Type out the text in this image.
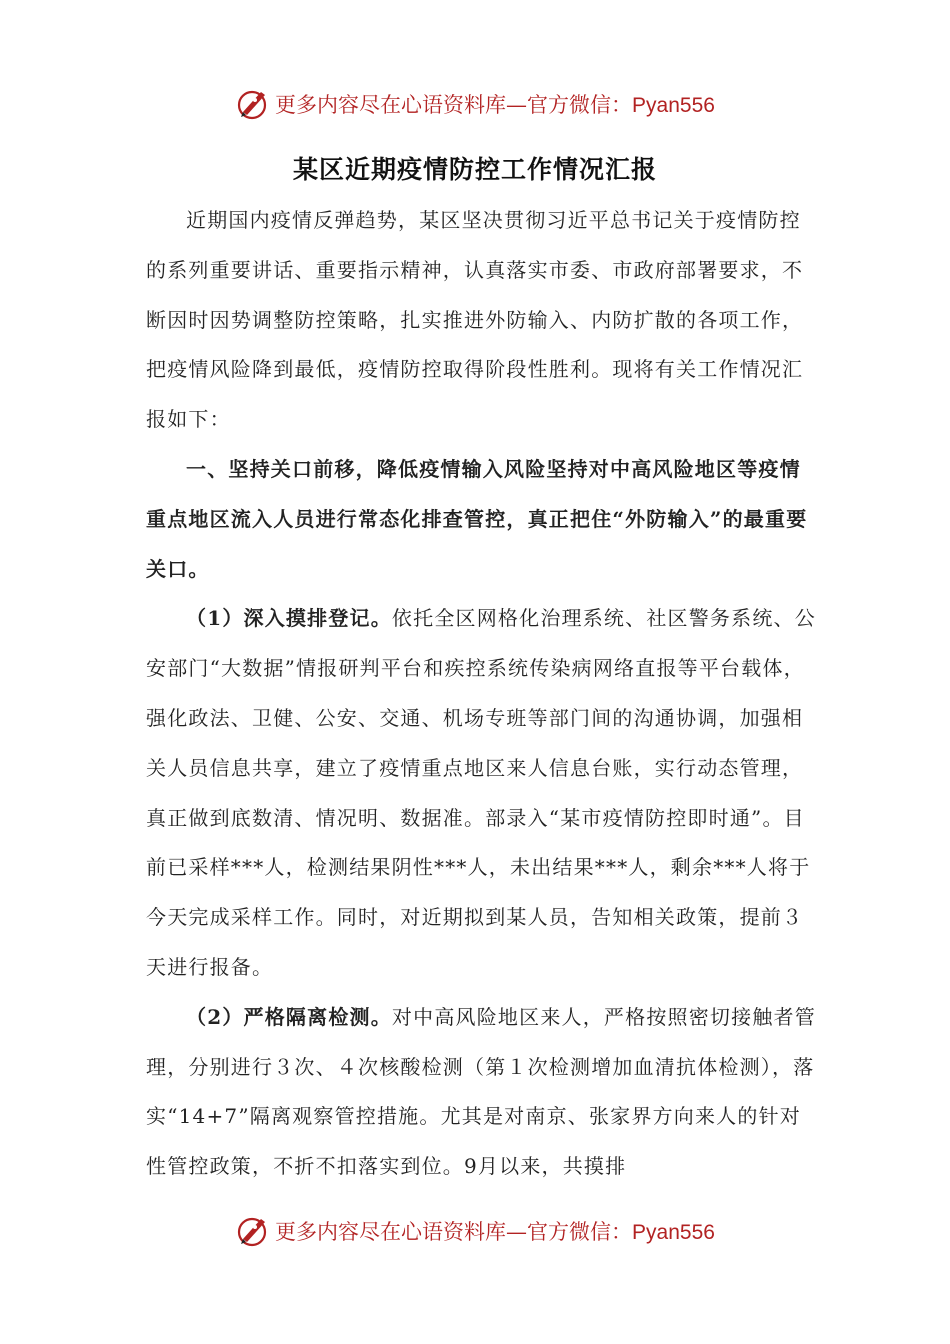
更多内容尽在心语资料库—官方微信：Pyan556
某区近期疫情防控工作情况汇报

近期国内疫情反弹趋势，某区坚决贯彻习近平总书记关于疫情防控的系列重要讲话、重要指示精神，认真落实市委、市政府部署要求，不断因时因势调整防控策略，扎实推进外防输入、内防扩散的各项工作，把疫情风险降到最低，疫情防控取得阶段性胜利。现将有关工作情况汇报如下：

一、坚持关口前移，降低疫情输入风险坚持对中高风险地区等疫情重点地区流入人员进行常态化排查管控，真正把住“外防输入”的最重要关口。

（1）深入摸排登记。依托全区网格化治理系统、社区警务系统、公安部门“大数据”情报研判平台和疾控系统传染病网络直报等平台载体，强化政法、卫健、公安、交通、机场专班等部门间的沟通协调，加强相关人员信息共享，建立了疫情重点地区来人信息台账，实行动态管理，真正做到底数清、情况明、数据准。部录入“某市疫情防控即时通”。目前已采样***人，检测结果阴性***人，未出结果***人，剩余***人将于今天完成采样工作。同时，对近期拟到某人员，告知相关政策，提前３天进行报备。

（2）严格隔离检测。对中高风险地区来人，严格按照密切接触者管理，分别进行３次、４次核酸检测（第１次检测增加血清抗体检测），落实“14+7”隔离观察管控措施。尤其是对南京、张家界方向来人的针对性管控政策，不折不扣落实到位。9月以来，共摸排

更多内容尽在心语资料库—官方微信：Pyan556
